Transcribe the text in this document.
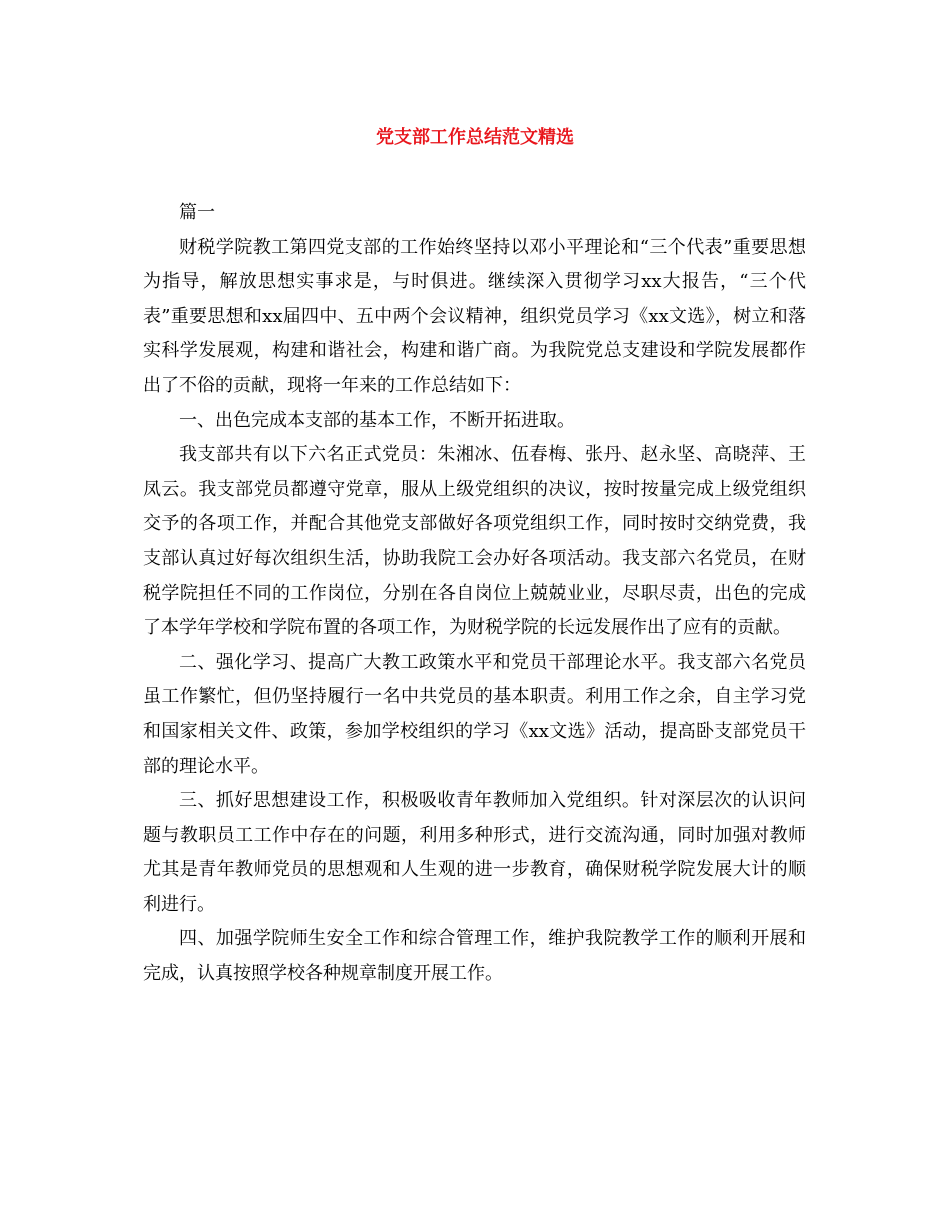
党支部工作总结范文精选

篇一

财税学院教工第四党支部的工作始终坚持以邓小平理论和“三个代表”重要思想为指导，解放思想实事求是，与时俱进。继续深入贯彻学习xx大报告，“三个代表”重要思想和xx届四中、五中两个会议精神，组织党员学习《xx文选》，树立和落实科学发展观，构建和谐社会，构建和谐广商。为我院党总支建设和学院发展都作出了不俗的贡献，现将一年来的工作总结如下：

一、出色完成本支部的基本工作，不断开拓进取。

我支部共有以下六名正式党员：朱湘冰、伍春梅、张丹、赵永坚、高晓萍、王凤云。我支部党员都遵守党章，服从上级党组织的决议，按时按量完成上级党组织交予的各项工作，并配合其他党支部做好各项党组织工作，同时按时交纳党费，我支部认真过好每次组织生活，协助我院工会办好各项活动。我支部六名党员，在财税学院担任不同的工作岗位，分别在各自岗位上兢兢业业，尽职尽责，出色的完成了本学年学校和学院布置的各项工作，为财税学院的长远发展作出了应有的贡献。

二、强化学习、提高广大教工政策水平和党员干部理论水平。我支部六名党员虽工作繁忙，但仍坚持履行一名中共党员的基本职责。利用工作之余，自主学习党和国家相关文件、政策，参加学校组织的学习《xx文选》活动，提高卧支部党员干部的理论水平。

三、抓好思想建设工作，积极吸收青年教师加入党组织。针对深层次的认识问题与教职员工工作中存在的问题，利用多种形式，进行交流沟通，同时加强对教师尤其是青年教师党员的思想观和人生观的进一步教育，确保财税学院发展大计的顺利进行。

四、加强学院师生安全工作和综合管理工作，维护我院教学工作的顺利开展和完成，认真按照学校各种规章制度开展工作。
